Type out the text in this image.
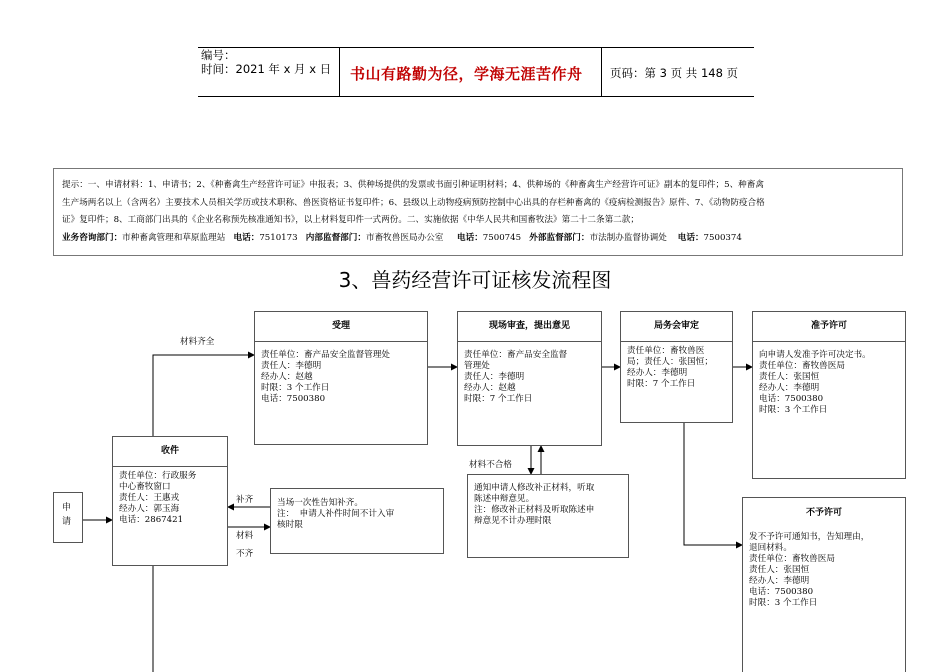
编号：
时间：2021 年 x 月 x 日 书山有路勤为径，学海无涯苦作舟 页码：第 3 页 共 148 页
提示：一、申请材料：1、申请书；2、《种畜禽生产经营许可证》申报表；3、供种场提供的发票或书面引种证明材料；4、供种场的《种畜禽生产经营许可证》副本的复印件；5、种畜禽
生产场两名以上（含两名）主要技术人员相关学历或技术职称、兽医资格证书复印件；6、县级以上动物疫病预防控制中心出具的存栏种畜禽的《疫病检测报告》原件、7、《动物防疫合格
证》复印件；8、工商部门出具的《企业名称预先核准通知书》，以上材料复印件一式两份。二、实施依据《中华人民共和国畜牧法》第二十二条第二款；
业务咨询部门：市种畜禽管理和草原监理站 电话：7510173 内部监督部门：市畜牧兽医局办公室 电话：7500745 外部监督部门：市法制办监督协调处 电话：7500374
3、兽药经营许可证核发流程图
申
请
收件
责任单位：行政服务
中心畜牧窗口
责任人：王惠戎
经办人：郭玉海
电话：2867421
受理
责任单位：畜产品安全监督管理处
责任人：李德明
经办人：赵越
时限：3 个工作日
电话：7500380
现场审查，提出意见
责任单位：畜产品安全监督
管理处
责任人：李德明
经办人：赵越
时限：7 个工作日
局务会审定
责任单位：畜牧兽医
局；责任人：张国恒；
经办人：李德明
时限：7 个工作日
准予许可
向申请人发准予许可决定书。
责任单位：畜牧兽医局
责任人：张国恒
经办人：李德明
电话：7500380
时限：3 个工作日
不予许可
发不予许可通知书，告知理由，
退回材料。
责任单位：畜牧兽医局
责任人：张国恒
经办人：李德明
电话：7500380
时限：3 个工作日
当场一次性告知补齐。
注：  申请人补件时间不计入审
核时限
通知申请人修改补正材料，听取
陈述申辩意见。
注：修改补正材料及听取陈述申
辩意见不计办理时限
材料齐全
材料不合格
补齐
材料
不齐
